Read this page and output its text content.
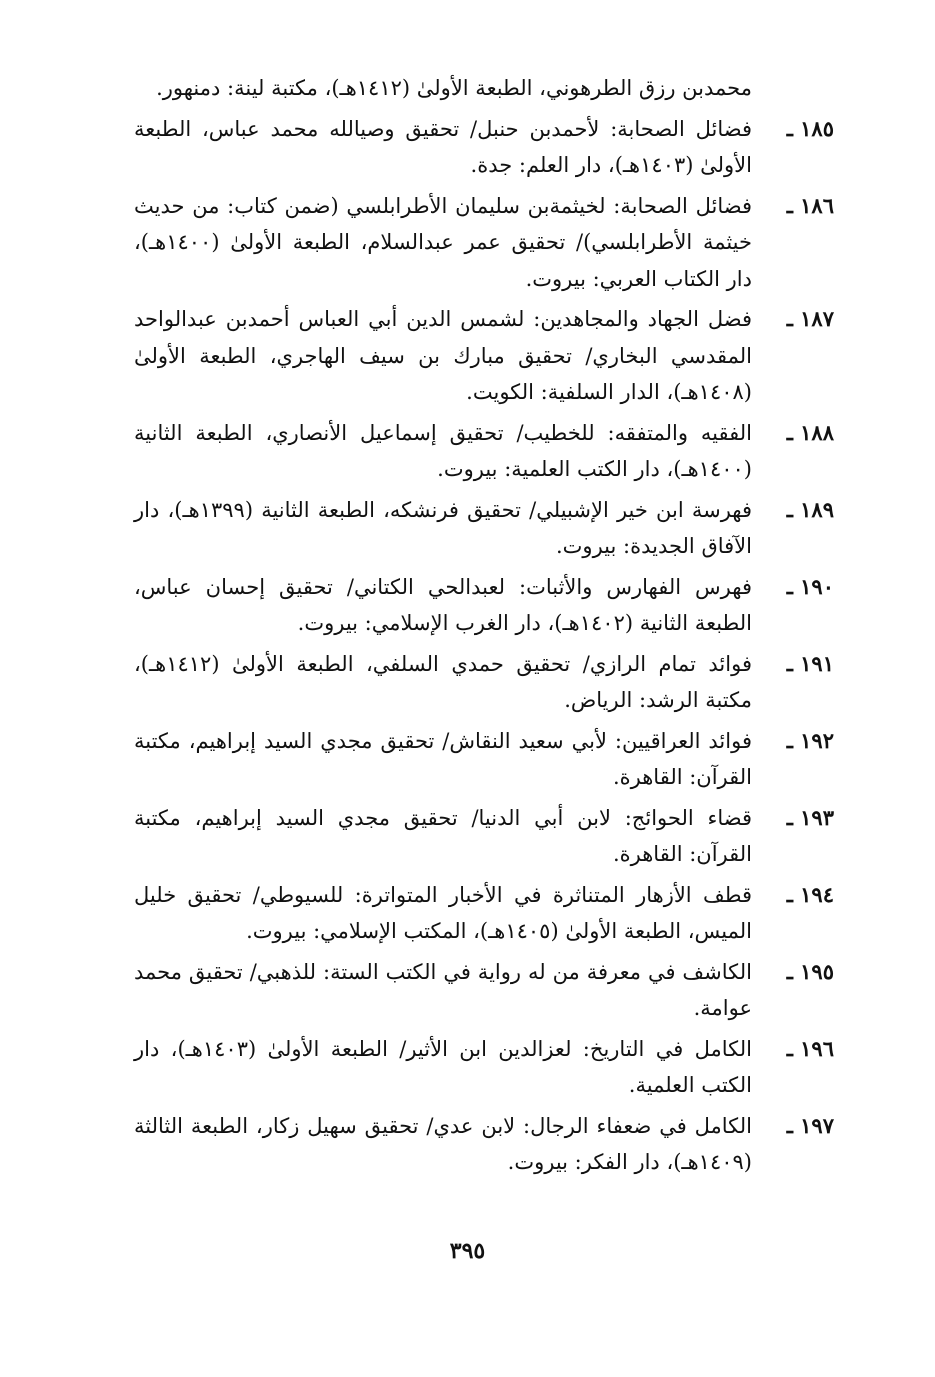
محمدبن رزق الطرهوني، الطبعة الأولىٰ (١٤١٢هـ)، مكتبة لينة: دمنهور.

١٨٥ ـ
فضائل الصحابة: لأحمدبن حنبل/ تحقيق وصيالله محمد عباس، الطبعة الأولىٰ (١٤٠٣هـ)، دار العلم: جدة.
١٨٦ ـ
فضائل الصحابة: لخيثمةبن سليمان الأطرابلسي (ضمن كتاب: من حديث خيثمة الأطرابلسي)/ تحقيق عمر عبدالسلام، الطبعة الأولىٰ (١٤٠٠هـ)، دار الكتاب العربي: بيروت.
١٨٧ ـ
فضل الجهاد والمجاهدين: لشمس الدين أبي العباس أحمدبن عبدالواحد المقدسي البخاري/ تحقيق مبارك بن سيف الهاجري، الطبعة الأولىٰ (١٤٠٨هـ)، الدار السلفية: الكويت.
١٨٨ ـ
الفقيه والمتفقه: للخطيب/ تحقيق إسماعيل الأنصاري، الطبعة الثانية (١٤٠٠هـ)، دار الكتب العلمية: بيروت.
١٨٩ ـ
فهرسة ابن خير الإشبيلي/ تحقيق فرنشكه، الطبعة الثانية (١٣٩٩هـ)، دار الآفاق الجديدة: بيروت.
١٩٠ ـ
فهرس الفهارس والأثبات: لعبدالحي الكتاني/ تحقيق إحسان عباس، الطبعة الثانية (١٤٠٢هـ)، دار الغرب الإسلامي: بيروت.
١٩١ ـ
فوائد تمام الرازي/ تحقيق حمدي السلفي، الطبعة الأولىٰ (١٤١٢هـ)، مكتبة الرشد: الرياض.
١٩٢ ـ
فوائد العراقيين: لأبي سعيد النقاش/ تحقيق مجدي السيد إبراهيم، مكتبة القرآن: القاهرة.
١٩٣ ـ
قضاء الحوائج: لابن أبي الدنيا/ تحقيق مجدي السيد إبراهيم، مكتبة القرآن: القاهرة.
١٩٤ ـ
قطف الأزهار المتناثرة في الأخبار المتواترة: للسيوطي/ تحقيق خليل الميس، الطبعة الأولىٰ (١٤٠٥هـ)، المكتب الإسلامي: بيروت.
١٩٥ ـ
الكاشف في معرفة من له رواية في الكتب الستة: للذهبي/ تحقيق محمد عوامة.
١٩٦ ـ
الكامل في التاريخ: لعزالدين ابن الأثير/ الطبعة الأولىٰ (١٤٠٣هـ)، دار الكتب العلمية.
١٩٧ ـ
الكامل في ضعفاء الرجال: لابن عدي/ تحقيق سهيل زكار، الطبعة الثالثة (١٤٠٩هـ)، دار الفكر: بيروت.
٣٩٥
